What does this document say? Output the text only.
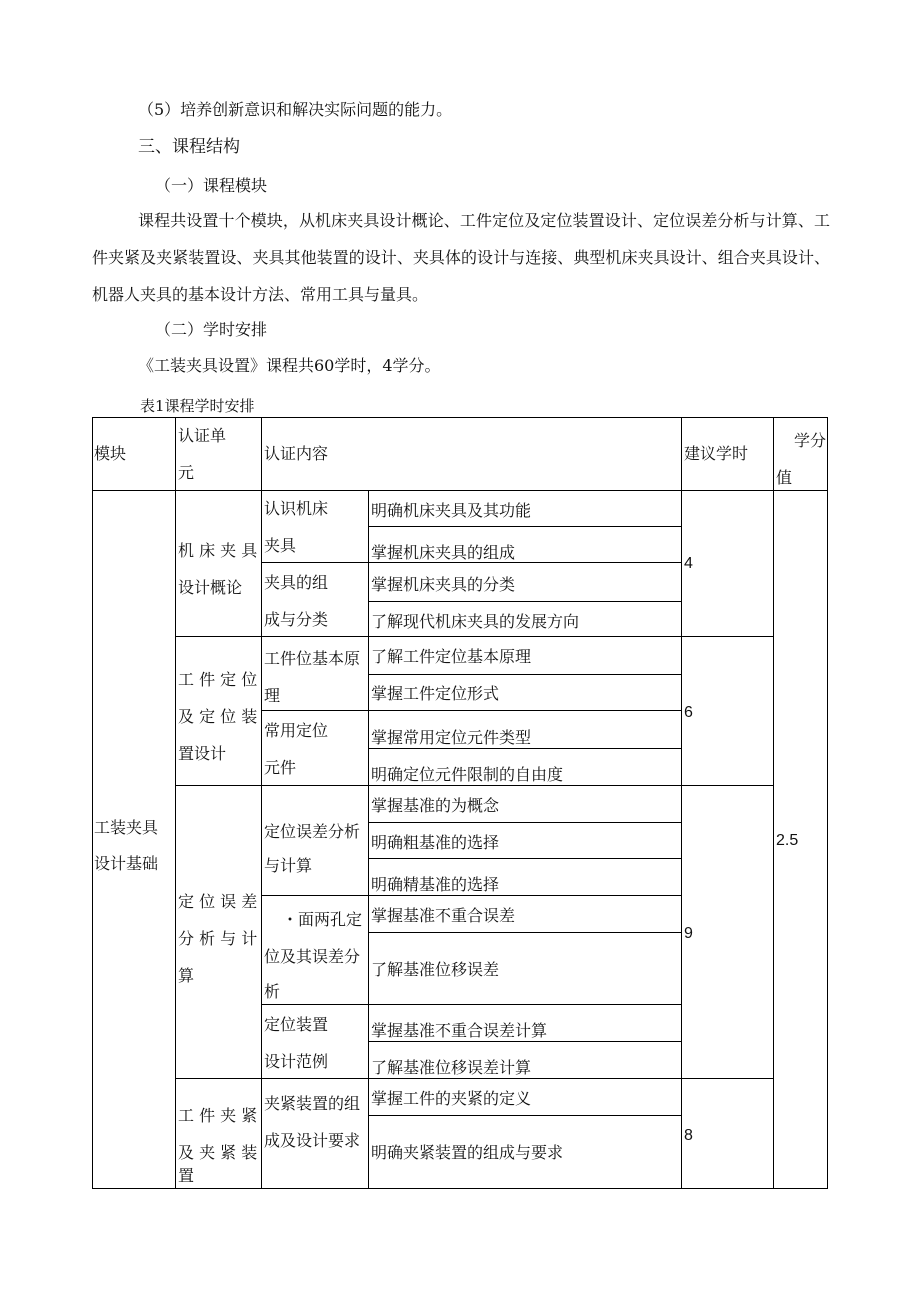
（5）培养创新意识和解决实际问题的能力。
三、课程结构
（一）课程模块
课程共设置十个模块，从机床夹具设计概论、工件定位及定位装置设计、定位误差分析与计算、工件夹紧及夹紧装置设、夹具其他装置的设计、夹具体的设计与连接、典型机床夹具设计、组合夹具设计、机器人夹具的基本设计方法、常用工具与量具。
（二）学时安排
《工装夹具设置》课程共60学时，4学分。
表1课程学时安排
模块
认证单
元
认证内容	建议学时
学分
值
工装夹具
设计基础
2.5
机 床 夹 具
设计概论
4
认识机床
夹具
明确机床夹具及其功能
掌握机床夹具的组成
夹具的组
成与分类
掌握机床夹具的分类
了解现代机床夹具的发展方向
工 件 定 位
及 定 位 装
置设计
6
工件位基本原
理
了解工件定位基本原理
掌握工件定位形式
常用定位
元件
掌握常用定位元件类型
明确定位元件限制的自由度
定 位 误 差
分 析 与 计
算
9
定位误差分析
与计算
掌握基准的为概念
明确粗基准的选择
明确精基准的选择
・面两孔定
位及其误差分
析
掌握基准不重合误差
了解基准位移误差
定位装置
设计范例
掌握基准不重合误差计算
了解基准位移误差计算
工 件 夹 紧
及 夹 紧 装
置
8
夹紧装置的组
成及设计要求
掌握工件的夹紧的定义
明确夹紧装置的组成与要求
